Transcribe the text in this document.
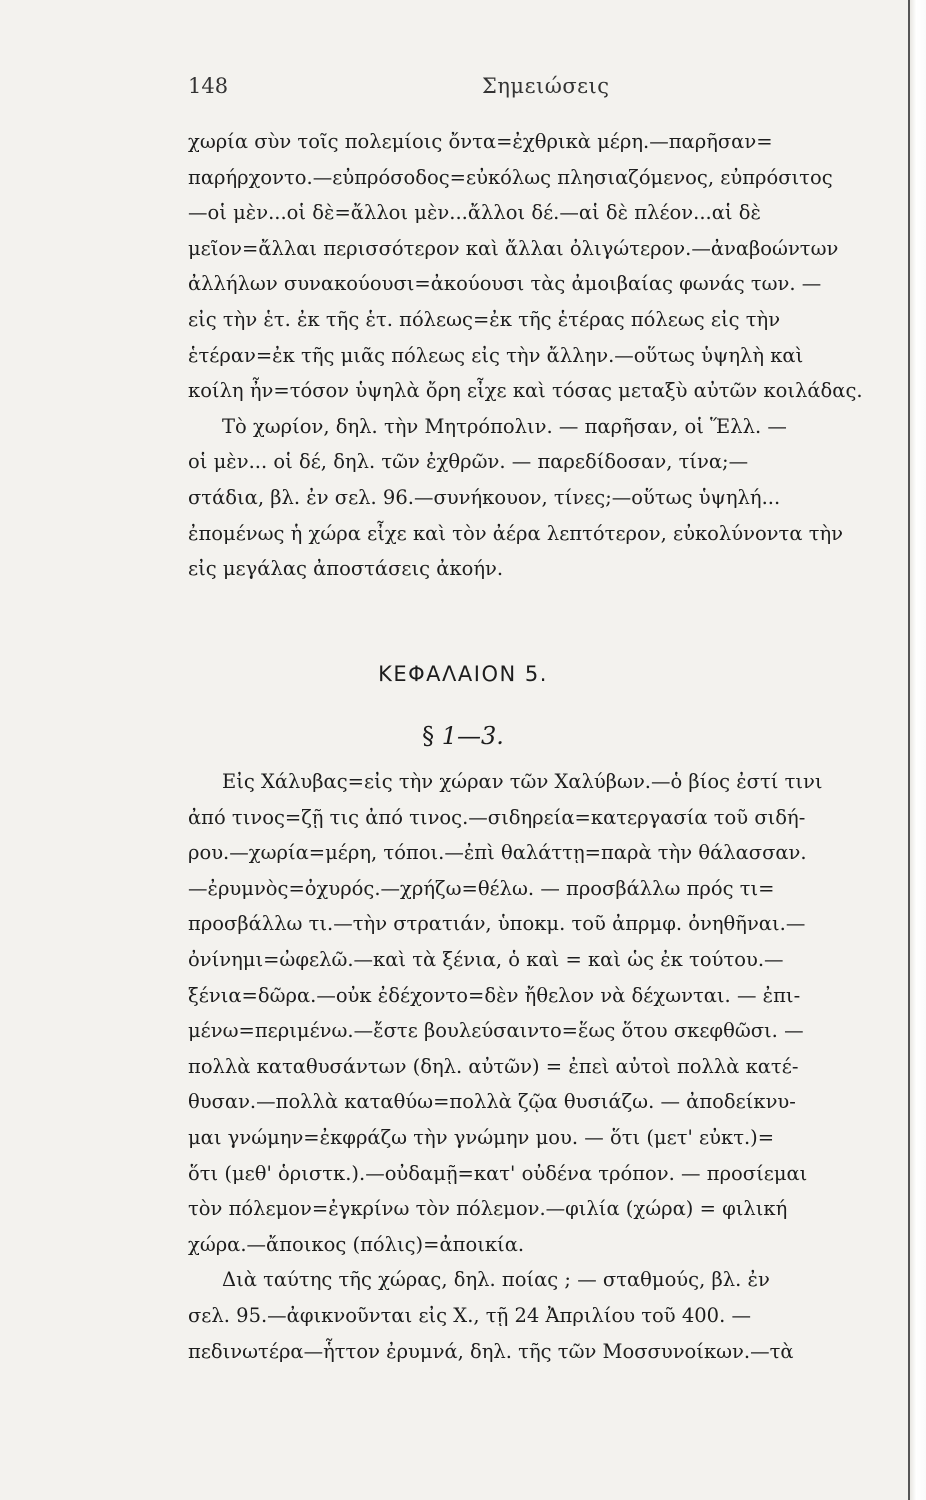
148	Σημειώσεις
χωρία σὺν τοῖς πολεμίοις ὄντα=ἐχθρικὰ μέρη.—παρῆσαν=
παρήρχοντο.—εὐπρόσοδος=εὐκόλως πλησιαζόμενος, εὐπρόσιτος
—οἱ μὲν...οἱ δὲ=ἄλλοι μὲν...ἄλλοι δέ.—αἱ δὲ πλέον...αἱ δὲ
μεῖον=ἄλλαι περισσότερον καὶ ἄλλαι ὀλιγώτερον.—ἀναβοώντων
ἀλλήλων συνακούουσι=ἀκούουσι τὰς ἀμοιβαίας φωνάς των. —
εἰς τὴν ἑτ. ἐκ τῆς ἑτ. πόλεως=ἐκ τῆς ἑτέρας πόλεως εἰς τὴν
ἑτέραν=ἐκ τῆς μιᾶς πόλεως εἰς τὴν ἄλλην.—οὕτως ὑψηλὴ καὶ
κοίλη ἦν=τόσον ὑψηλὰ ὄρη εἶχε καὶ τόσας μεταξὺ αὐτῶν κοιλάδας.
Τὸ χωρίον, δηλ. τὴν Μητρόπολιν. — παρῆσαν, οἱ Ἕλλ. —
οἱ μὲν... οἱ δέ, δηλ. τῶν ἐχθρῶν. — παρεδίδοσαν, τίνα;—
στάδια, βλ. ἐν σελ. 96.—συνήκουον, τίνες;—οὕτως ὑψηλή...
ἐπομένως ἡ χώρα εἶχε καὶ τὸν ἀέρα λεπτότερον, εὐκολύνοντα τὴν
εἰς μεγάλας ἀποστάσεις ἀκοήν.
ΚΕΦΑΛΑΙΟΝ 5.
§ 1—3.
Εἰς Χάλυβας=εἰς τὴν χώραν τῶν Χαλύβων.—ὁ βίος ἐστί τινι
ἀπό τινος=ζῇ τις ἀπό τινος.—σιδηρεία=κατεργασία τοῦ σιδή-
ρου.—χωρία=μέρη, τόποι.—ἐπὶ θαλάττῃ=παρὰ τὴν θάλασσαν.
—ἐρυμνὸς=ὀχυρός.—χρήζω=θέλω. — προσβάλλω πρός τι=
προσβάλλω τι.—τὴν στρατιάν, ὑποκμ. τοῦ ἀπρμφ. ὀνηθῆναι.—
ὀνίνημι=ὠφελῶ.—καὶ τὰ ξένια, ὁ καὶ = καὶ ὡς ἐκ τούτου.—
ξένια=δῶρα.—οὐκ ἐδέχοντο=δὲν ἤθελον νὰ δέχωνται. — ἐπι-
μένω=περιμένω.—ἔστε βουλεύσαιντο=ἕως ὅτου σκεφθῶσι. —
πολλὰ καταθυσάντων (δηλ. αὐτῶν) = ἐπεὶ αὐτοὶ πολλὰ κατέ-
θυσαν.—πολλὰ καταθύω=πολλὰ ζῷα θυσιάζω. — ἀποδείκνυ-
μαι γνώμην=ἐκφράζω τὴν γνώμην μου. — ὅτι (μετ' εὐκτ.)=
ὅτι (μεθ' ὁριστκ.).—οὐδαμῇ=κατ' οὐδένα τρόπον. — προσίεμαι
τὸν πόλεμον=ἐγκρίνω τὸν πόλεμον.—φιλία (χώρα) = φιλική
χώρα.—ἄποικος (πόλις)=ἀποικία.
Διὰ ταύτης τῆς χώρας, δηλ. ποίας ; — σταθμούς, βλ. ἐν
σελ. 95.—ἀφικνοῦνται εἰς Χ., τῇ 24 Ἀπριλίου τοῦ 400. —
πεδινωτέρα—ἧττον ἐρυμνά, δηλ. τῆς τῶν Μοσσυνοίκων.—τὰ
